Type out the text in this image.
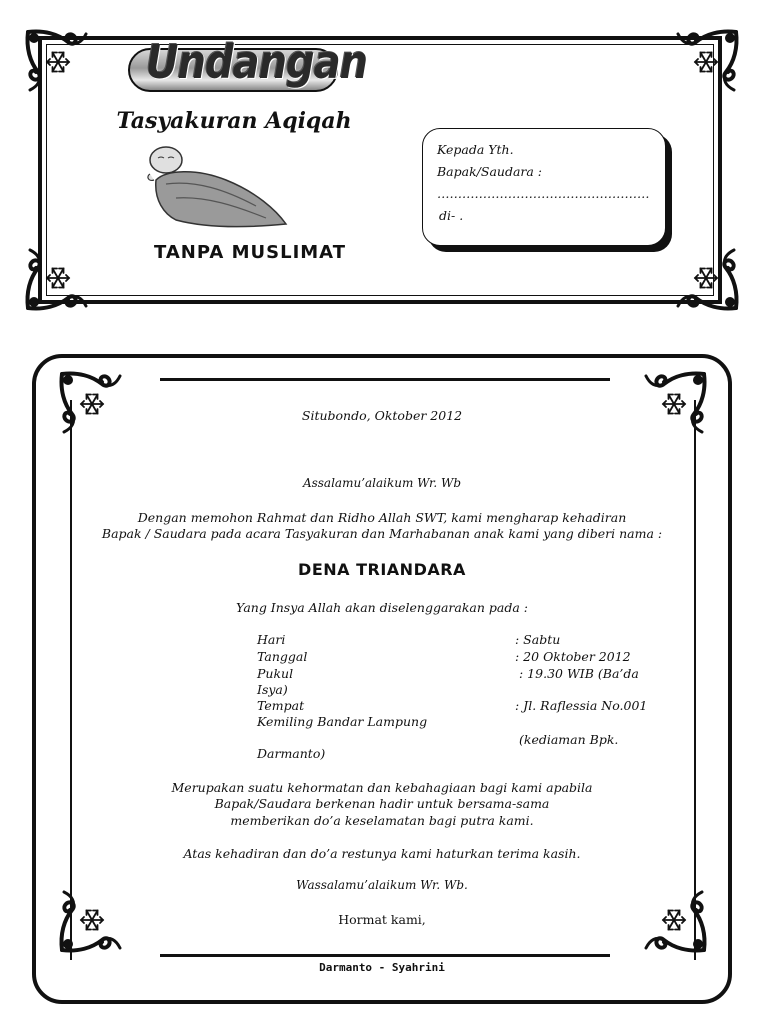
Undangan
Tasyakuran Aqiqah
TANPA MUSLIMAT
Kepada Yth.
Bapak/Saudara :
……………………………………………
di- .
Situbondo, Oktober 2012
Assalamu’alaikum Wr. Wb
Dengan memohon Rahmat dan Ridho Allah SWT, kami mengharap kehadiran
Bapak / Saudara pada acara Tasyakuran dan Marhabanan anak kami yang diberi nama :
DENA TRIANDARA
Yang Insya Allah akan diselenggarakan pada :
Hari	: Sabtu
Tanggal	: 20 Oktober 2012
Pukul	: 19.30 WIB (Ba’da
Isya)
Tempat	: Jl. Raflessia No.001
Kemiling Bandar Lampung
(kediaman Bpk.
Darmanto)
Merupakan suatu kehormatan dan kebahagiaan bagi kami apabila
Bapak/Saudara berkenan hadir untuk bersama-sama
memberikan do’a keselamatan bagi putra kami.
Atas kehadiran dan do’a restunya kami haturkan terima kasih.
Wassalamu’alaikum Wr. Wb.
Hormat kami,
Darmanto - Syahrini
